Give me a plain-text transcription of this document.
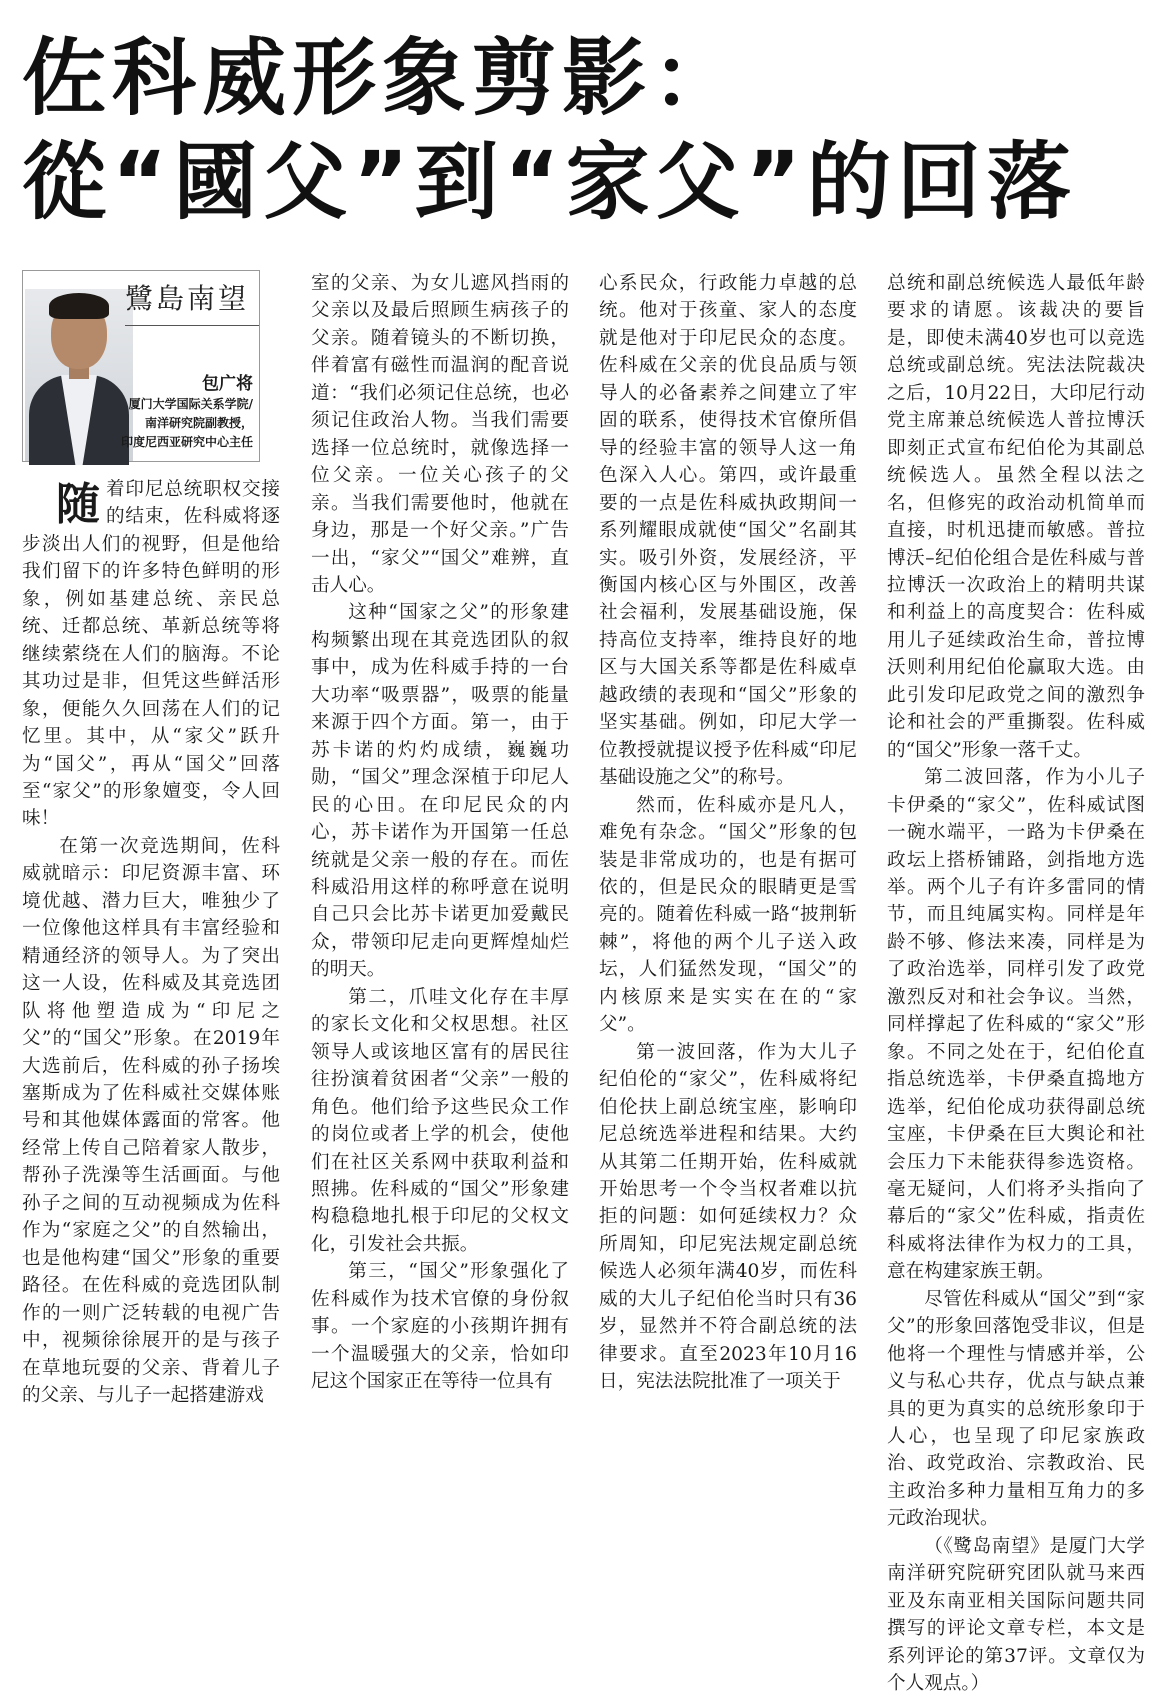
佐科威形象剪影：
從“國父”到“家父”的回落
鷺島南望
包广将
厦门大学国际关系学院/
南洋研究院副教授，
印度尼西亚研究中心主任

随着印尼总统职权交接的结束，佐科威将逐步淡出人们的视野，但是他给我们留下的许多特色鲜明的形象，例如基建总统、亲民总统、迁都总统、革新总统等将继续萦绕在人们的脑海。不论其功过是非，但凭这些鲜活形象，便能久久回荡在人们的记忆里。其中，从“家父”跃升为“国父”，再从“国父”回落至“家父”的形象嬗变，令人回味！

在第一次竞选期间，佐科威就暗示：印尼资源丰富、环境优越、潜力巨大，唯独少了一位像他这样具有丰富经验和精通经济的领导人。为了突出这一人设，佐科威及其竞选团队将他塑造成为“印尼之父”的“国父”形象。在2019年大选前后，佐科威的孙子扬埃塞斯成为了佐科威社交媒体账号和其他媒体露面的常客。他经常上传自己陪着家人散步，帮孙子洗澡等生活画面。与他孙子之间的互动视频成为佐科作为“家庭之父”的自然输出，也是他构建“国父”形象的重要路径。在佐科威的竞选团队制作的一则广泛转载的电视广告中，视频徐徐展开的是与孩子在草地玩耍的父亲、背着儿子的父亲、与儿子一起搭建游戏

室的父亲、为女儿遮风挡雨的父亲以及最后照顾生病孩子的父亲。随着镜头的不断切换，伴着富有磁性而温润的配音说道：“我们必须记住总统，也必须记住政治人物。当我们需要选择一位总统时，就像选择一位父亲。一位关心孩子的父亲。当我们需要他时，他就在身边，那是一个好父亲。”广告一出，“家父”“国父”难辨，直击人心。

这种“国家之父”的形象建构频繁出现在其竞选团队的叙事中，成为佐科威手持的一台大功率“吸票器”，吸票的能量来源于四个方面。第一，由于苏卡诺的灼灼成绩，巍巍功勋，“国父”理念深植于印尼人民的心田。在印尼民众的内心，苏卡诺作为开国第一任总统就是父亲一般的存在。而佐科威沿用这样的称呼意在说明自己只会比苏卡诺更加爱戴民众，带领印尼走向更辉煌灿烂的明天。

第二，爪哇文化存在丰厚的家长文化和父权思想。社区领导人或该地区富有的居民往往扮演着贫困者“父亲”一般的角色。他们给予这些民众工作的岗位或者上学的机会，使他们在社区关系网中获取利益和照拂。佐科威的“国父”形象建构稳稳地扎根于印尼的父权文化，引发社会共振。

第三，“国父”形象强化了佐科威作为技术官僚的身份叙事。一个家庭的小孩期许拥有一个温暖强大的父亲，恰如印尼这个国家正在等待一位具有

心系民众，行政能力卓越的总统。他对于孩童、家人的态度就是他对于印尼民众的态度。佐科威在父亲的优良品质与领导人的必备素养之间建立了牢固的联系，使得技术官僚所倡导的经验丰富的领导人这一角色深入人心。第四，或许最重要的一点是佐科威执政期间一系列耀眼成就使“国父”名副其实。吸引外资，发展经济，平衡国内核心区与外围区，改善社会福利，发展基础设施，保持高位支持率，维持良好的地区与大国关系等都是佐科威卓越政绩的表现和“国父”形象的坚实基础。例如，印尼大学一位教授就提议授予佐科威“印尼基础设施之父”的称号。

然而，佐科威亦是凡人，难免有杂念。“国父”形象的包装是非常成功的，也是有据可依的，但是民众的眼睛更是雪亮的。随着佐科威一路“披荆斩棘”，将他的两个儿子送入政坛，人们猛然发现，“国父”的内核原来是实实在在的“家父”。

第一波回落，作为大儿子纪伯伦的“家父”，佐科威将纪伯伦扶上副总统宝座，影响印尼总统选举进程和结果。大约从其第二任期开始，佐科威就开始思考一个令当权者难以抗拒的问题：如何延续权力？众所周知，印尼宪法规定副总统候选人必须年满40岁，而佐科威的大儿子纪伯伦当时只有36岁，显然并不符合副总统的法律要求。直至2023年10月16日，宪法法院批准了一项关于

总统和副总统候选人最低年龄要求的请愿。该裁决的要旨是，即使未满40岁也可以竞选总统或副总统。宪法法院裁决之后，10月22日，大印尼行动党主席兼总统候选人普拉博沃即刻正式宣布纪伯伦为其副总统候选人。虽然全程以法之名，但修宪的政治动机简单而直接，时机迅捷而敏感。普拉博沃–纪伯伦组合是佐科威与普拉博沃一次政治上的精明共谋和利益上的高度契合：佐科威用儿子延续政治生命，普拉博沃则利用纪伯伦赢取大选。由此引发印尼政党之间的激烈争论和社会的严重撕裂。佐科威的“国父”形象一落千丈。

第二波回落，作为小儿子卡伊桑的“家父”，佐科威试图一碗水端平，一路为卡伊桑在政坛上搭桥铺路，剑指地方选举。两个儿子有许多雷同的情节，而且纯属实构。同样是年龄不够、修法来凑，同样是为了政治选举，同样引发了政党激烈反对和社会争议。当然，同样撑起了佐科威的“家父”形象。不同之处在于，纪伯伦直指总统选举，卡伊桑直捣地方选举，纪伯伦成功获得副总统宝座，卡伊桑在巨大舆论和社会压力下未能获得参选资格。毫无疑问，人们将矛头指向了幕后的“家父”佐科威，指责佐科威将法律作为权力的工具，意在构建家族王朝。

尽管佐科威从“国父”到“家父”的形象回落饱受非议，但是他将一个理性与情感并举，公义与私心共存，优点与缺点兼具的更为真实的总统形象印于人心，也呈现了印尼家族政治、政党政治、宗教政治、民主政治多种力量相互角力的多元政治现状。

（《鹭岛南望》是厦门大学南洋研究院研究团队就马来西亚及东南亚相关国际问题共同撰写的评论文章专栏，本文是系列评论的第37评。文章仅为个人观点。）
